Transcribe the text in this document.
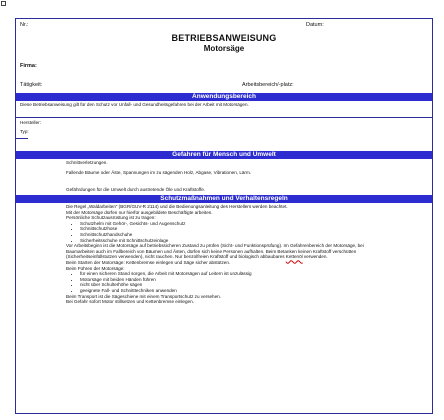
Nr.:	Datum:
BETRIEBSANWEISUNG
Motorsäge
Firma:
Tätigkeit:	Arbeitsbereich/-platz:
Anwendungsbereich
Diese Betriebsanweisung gilt für den Schutz vor Unfall- und Gesundheitsgefahren bei der Arbeit mit Motorsägen.
Hersteller:
Typ:
Gefahren für Mensch und Umwelt
Schnittverletzungen.
Fallende Bäume oder Äste, Spannungen im zu sägenden Holz, Abgase, Vibrationen, Lärm.
Gefährdungen für die Umwelt durch austretende Öle und Kraftstoffe.
Schutzmaßnahmen und Verhaltensregeln
Die Regel „Waldarbeiten“ (BGR/GUV-R 2114) und die Bedienungsanleitung des Herstellers werden beachtet.
Mit der Motorsäge dürfen nur hierfür ausgebildete Beschäftigte arbeiten.
Persönliche Schutzausrüstung ist zu tragen:
• Schutzhelm mit Gehör-, Gesichts- und Augenschutz
• Schnittschutzhose
• Schnittschutzhandschuhe
• Sicherheitsschuhe mit Schnittschutzeinlage
Vor Arbeitsbeginn ist die Motorsäge auf betriebssicheren Zustand zu prüfen (Sicht- und Funktionsprüfung). Im Gefahrenbereich der Motorsäge, bei Baumarbeiten auch im Fallbereich von Bäumen und Ästen, dürfen sich keine Personen aufhalten. Beim Betanken keinen Kraftstoff verschütten (Sicherheitseinfüllstutzen verwenden), nicht rauchen. Nur benzolfreien Kraftstoff und biologisch abbaubares Kettenöl verwenden.
Beim Starten der Motorsäge: Kettenbremse einlegen und Säge sicher abstützen.
Beim Führen der Motorsäge:
• für einen sicheren Stand sorgen, die Arbeit mit Motorsägen auf Leitern ist unzulässig
• Motorsäge mit beiden Händen führen
• nicht über Schulterhöhe sägen
• geeignete Fall- und Schnitttechniken anwenden
Beim Transport ist die Sägeschiene mit einem Transportschutz zu versehen.
Bei Gefahr sofort Motor stillsetzen und Kettenbremse einlegen.
